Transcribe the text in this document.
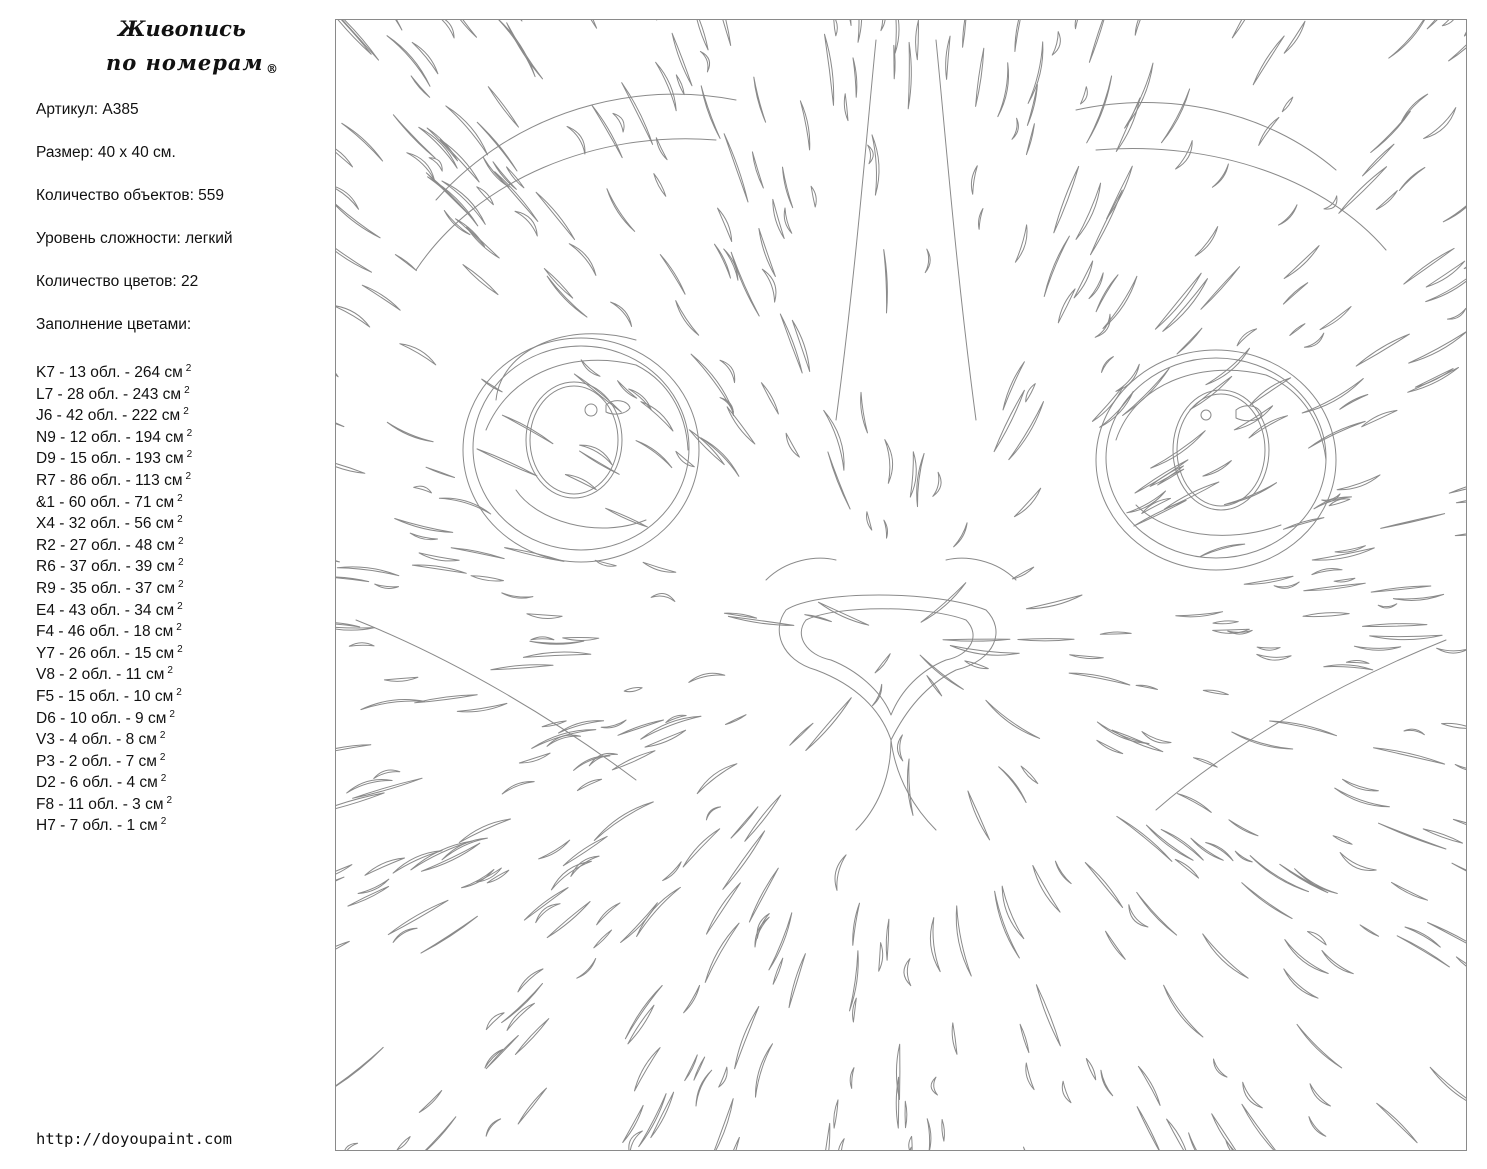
Живопись
по номерам ®
Артикул: А385
Размер: 40 х 40 см.
Количество объектов: 559
Уровень сложности: легкий
Количество цветов: 22
Заполнение цветами:
K7 - 13 обл. - 264 см $^2$
L7 - 28 обл. - 243 см $^2$
J6 - 42 обл. - 222 см $^2$
N9 - 12 обл. - 194 см $^2$
D9 - 15 обл. - 193 см $^2$
R7 - 86 обл. - 113 см $^2$
&1 - 60 обл. - 71 см $^2$
X4 - 32 обл. - 56 см $^2$
R2 - 27 обл. - 48 см $^2$
R6 - 37 обл. - 39 см $^2$
R9 - 35 обл. - 37 см $^2$
E4 - 43 обл. - 34 см $^2$
F4 - 46 обл. - 18 см $^2$
Y7 - 26 обл. - 15 см $^2$
V8 - 2 обл. - 11 см $^2$
F5 - 15 обл. - 10 см $^2$
D6 - 10 обл. - 9 см $^2$
V3 - 4 обл. - 8 см $^2$
P3 - 2 обл. - 7 см $^2$
D2 - 6 обл. - 4 см $^2$
F8 - 11 обл. - 3 см $^2$
H7 - 7 обл. - 1 см $^2$
http://doyoupaint.com
